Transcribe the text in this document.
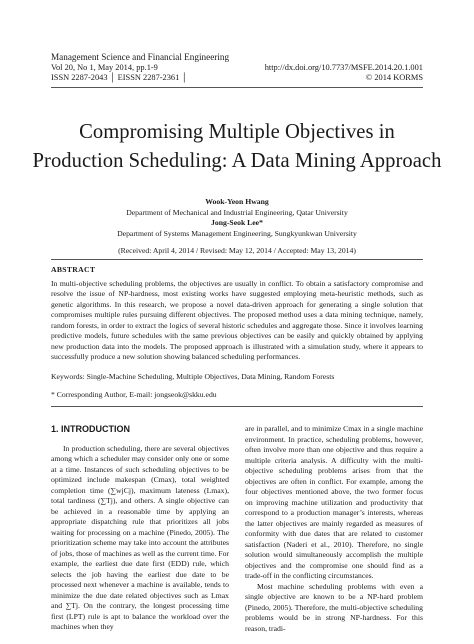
Management Science and Financial Engineering
Vol 20, No 1, May 2014, pp.1-9	http://dx.doi.org/10.7737/MSFE.2014.20.1.001
ISSN 2287-2043 │ EISSN 2287-2361 │	© 2014 KORMS
Compromising Multiple Objectives in
Production Scheduling: A Data Mining Approach
Wook-Yeon Hwang
Department of Mechanical and Industrial Engineering, Qatar University
Jong-Seok Lee*
Department of Systems Management Engineering, Sungkyunkwan University
(Received: April 4, 2014 / Revised: May 12, 2014 / Accepted: May 13, 2014)
ABSTRACT
In multi-objective scheduling problems, the objectives are usually in conflict. To obtain a satisfactory compromise and resolve the issue of NP-hardness, most existing works have suggested employing meta-heuristic methods, such as genetic algorithms. In this research, we propose a novel data-driven approach for generating a single solution that compromises multiple rules pursuing different objectives. The proposed method uses a data mining technique, namely, random forests, in order to extract the logics of several historic schedules and aggregate those. Since it involves learning predictive models, future schedules with the same previous objectives can be easily and quickly obtained by applying new production data into the models. The proposed approach is illustrated with a simulation study, where it appears to successfully produce a new solution showing balanced scheduling performances.
Keywords: Single-Machine Scheduling, Multiple Objectives, Data Mining, Random Forests
* Corresponding Author, E-mail: jongseok@skku.edu
1. INTRODUCTION
In production scheduling, there are several objectives among which a scheduler may consider only one or some at a time. Instances of such scheduling objectives to be optimized include makespan (Cmax), total weighted completion time (∑wjCj), maximum lateness (Lmax), total tardiness (∑Tj), and others. A single objective can be achieved in a reasonable time by applying an appropriate dispatching rule that prioritizes all jobs waiting for processing on a machine (Pinedo, 2005). The prioritization scheme may take into account the attributes of jobs, those of machines as well as the current time. For example, the earliest due date first (EDD) rule, which selects the job having the earliest due date to be processed next whenever a machine is available, tends to minimize the due date related objectives such as Lmax and ∑Tj. On the contrary, the longest processing time first (LPT) rule is apt to balance the workload over the machines when they
are in parallel, and to minimize Cmax in a single machine environment. In practice, scheduling problems, however, often involve more than one objective and thus require a multiple criteria analysis. A difficulty with the multi-objective scheduling problems arises from that the objectives are often in conflict. For example, among the four objectives mentioned above, the two former focus on improving machine utilization and productivity that correspond to a production manager’s interests, whereas the latter objectives are mainly regarded as measures of conformity with due dates that are related to customer satisfaction (Naderi et al., 2010). Therefore, no single solution would simultaneously accomplish the multiple objectives and the compromise one should find as a trade-off in the conflicting circumstances.
Most machine scheduling problems with even a single objective are known to be a NP-hard problem (Pinedo, 2005). Therefore, the multi-objective scheduling problems would be in strong NP-hardness. For this reason, tradi-
